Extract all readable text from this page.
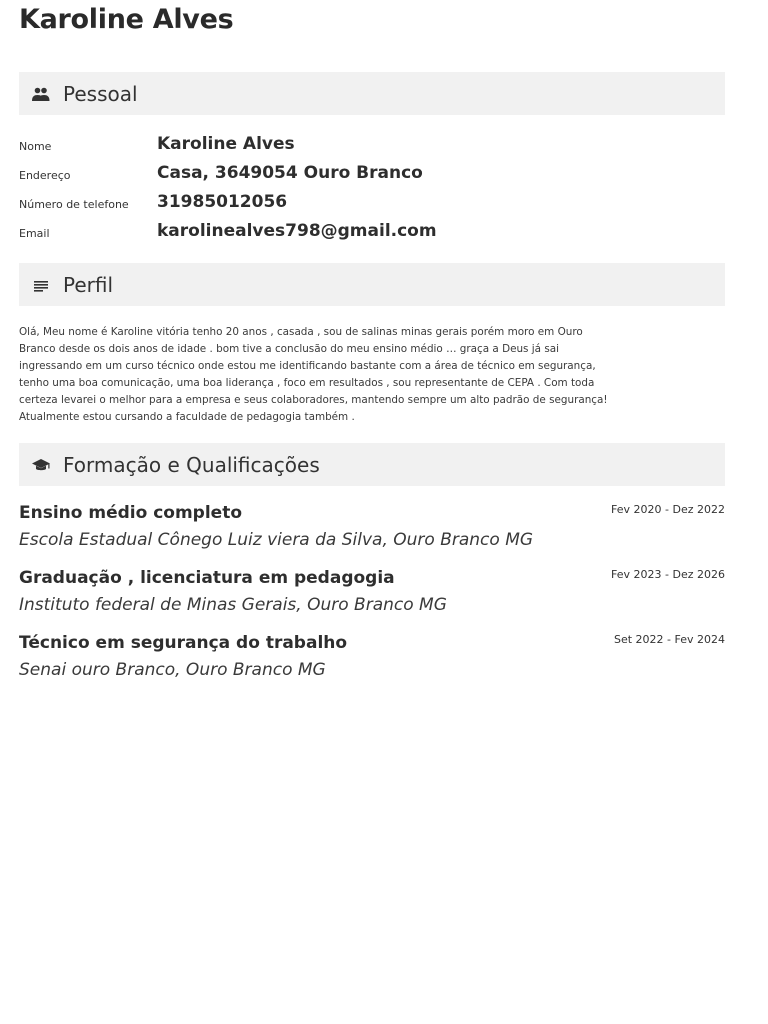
Karoline Alves
Pessoal
Nome	Karoline Alves
Endereço	Casa, 3649054 Ouro Branco
Número de telefone 31985012056
Email	karolinealves798@gmail.com
Perfil

Olá, Meu nome é Karoline vitória tenho 20 anos , casada , sou de salinas minas gerais porém moro em Ouro Branco desde os dois anos de idade . bom tive a conclusão do meu ensino médio … graça a Deus já sai ingressando em um curso técnico onde estou me identificando bastante com a área de técnico em segurança, tenho uma boa comunicação, uma boa liderança , foco em resultados , sou representante de CEPA . Com toda certeza levarei o melhor para a empresa e seus colaboradores, mantendo sempre um alto padrão de segurança! Atualmente estou cursando a faculdade de pedagogia também .

Formação e Qualificações
Ensino médio completo
Escola Estadual Cônego Luiz viera da Silva, Ouro Branco MG
Fev 2020 - Dez 2022
Graduação , licenciatura em pedagogia
Instituto federal de Minas Gerais, Ouro Branco MG
Fev 2023 - Dez 2026
Técnico em segurança do trabalho
Senai ouro Branco, Ouro Branco MG
Set 2022 - Fev 2024
